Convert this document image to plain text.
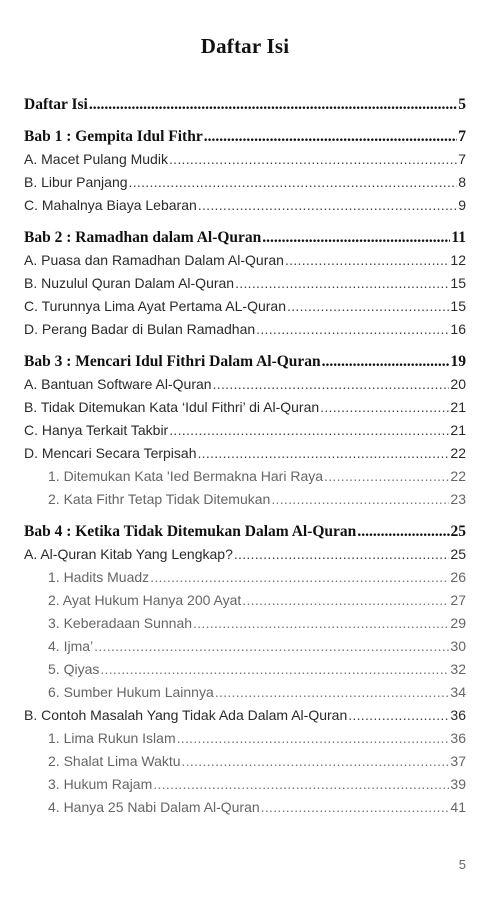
Daftar Isi
Daftar Isi .....	5
Bab 1 : Gempita Idul Fithr .....	7
A. Macet Pulang Mudik .....	7
B. Libur Panjang .....	8
C. Mahalnya Biaya Lebaran .....	9
Bab 2 : Ramadhan dalam Al-Quran .....	11
A. Puasa dan Ramadhan Dalam Al-Quran .....	12
B. Nuzulul Quran Dalam Al-Quran .....	15
C. Turunnya Lima Ayat Pertama AL-Quran .....	15
D. Perang Badar di Bulan Ramadhan .....	16
Bab 3 : Mencari Idul Fithri Dalam Al-Quran .....	19
A. Bantuan Software Al-Quran .....	20
B. Tidak Ditemukan Kata ‘Idul Fithri’ di Al-Quran .....	21
C. Hanya Terkait Takbir .....	21
D. Mencari Secara Terpisah .....	22
1. Ditemukan Kata 'Ied Bermakna Hari Raya .....	22
2. Kata Fithr Tetap Tidak Ditemukan .....	23
Bab 4 : Ketika Tidak Ditemukan Dalam Al-Quran .....	25
A. Al-Quran Kitab Yang Lengkap? .....	25
1. Hadits Muadz .....	26
2. Ayat Hukum Hanya 200 Ayat .....	27
3. Keberadaan Sunnah .....	29
4. Ijma’ .....	30
5. Qiyas .....	32
6. Sumber Hukum Lainnya .....	34
B. Contoh Masalah Yang Tidak Ada Dalam Al-Quran .....	36
1. Lima Rukun Islam .....	36
2. Shalat Lima Waktu .....	37
3. Hukum Rajam .....	39
4. Hanya 25 Nabi Dalam Al-Quran .....	41
5
